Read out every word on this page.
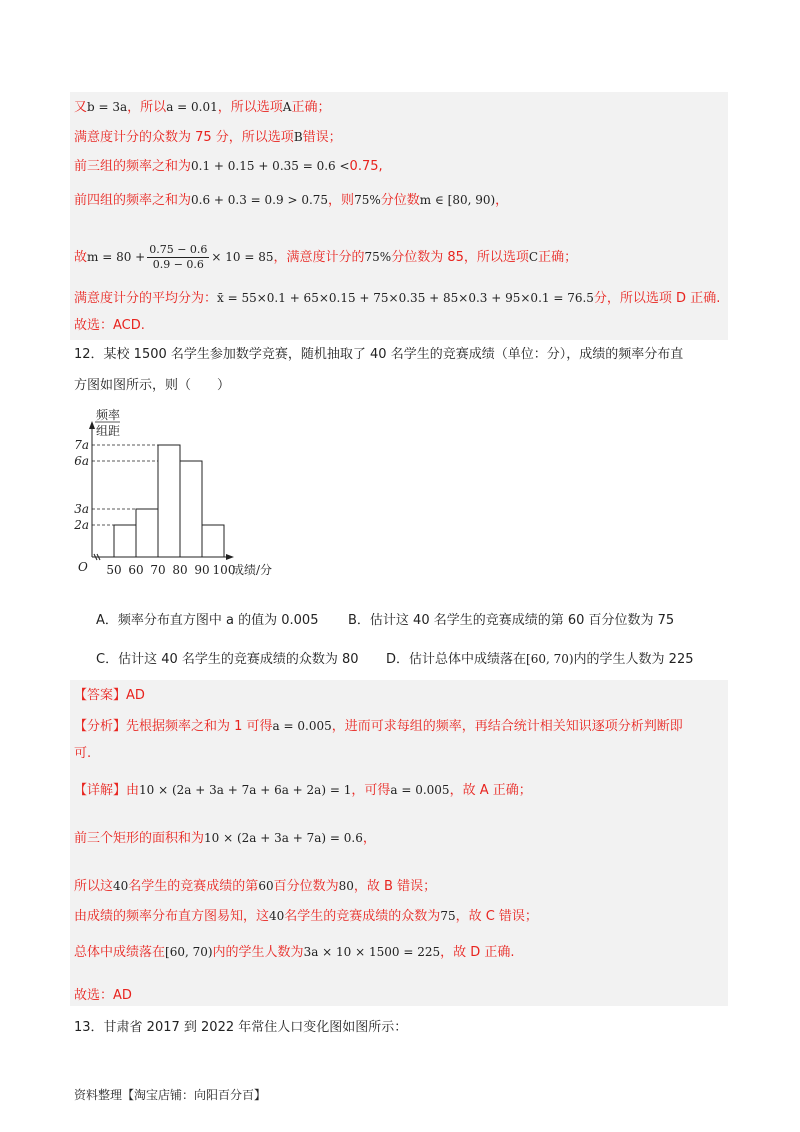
又b = 3a，所以a = 0.01，所以选项A正确；
满意度计分的众数为 75 分，所以选项B错误；
前三组的频率之和为0.1 + 0.15 + 0.35 = 0.6 <0.75,
前四组的频率之和为0.6 + 0.3 = 0.9 > 0.75，则75%分位数m ∈ [80, 90)，
故$m = 80 + \frac{0.75 - 0.6}{0.9 - 0.6} \times 10 = 85$，满意度计分的75%分位数为 85，所以选项C正确；
满意度计分的平均分为：x̄ = 55×0.1 + 65×0.15 + 75×0.35 + 85×0.3 + 95×0.1 = 76.5分，所以选项 D 正确.
故选：ACD.
12．某校 1500 名学生参加数学竞赛，随机抽取了 40 名学生的竞赛成绩（单位：分），成绩的频率分布直
方图如图所示，则（　　）
频率
组距
O	成绩/分
50 60 70 80 90 100
2a
3a
6a
7a
A．频率分布直方图中 a 的值为 0.005 B．估计这 40 名学生的竞赛成绩的第 60 百分位数为 75
C．估计这 40 名学生的竞赛成绩的众数为 80 D．估计总体中成绩落在[60, 70)内的学生人数为 225
【答案】AD
【分析】先根据频率之和为 1 可得a = 0.005，进而可求每组的频率，再结合统计相关知识逐项分析判断即
可.
【详解】由10 × (2a + 3a + 7a + 6a + 2a) = 1，可得a = 0.005，故 A 正确；
前三个矩形的面积和为10 × (2a + 3a + 7a) = 0.6，
所以这40名学生的竞赛成绩的第60百分位数为80，故 B 错误；
由成绩的频率分布直方图易知，这40名学生的竞赛成绩的众数为75，故 C 错误；
总体中成绩落在[60, 70)内的学生人数为3a × 10 × 1500 = 225，故 D 正确.
故选：AD
13．甘肃省 2017 到 2022 年常住人口变化图如图所示：
资料整理【淘宝店铺：向阳百分百】
